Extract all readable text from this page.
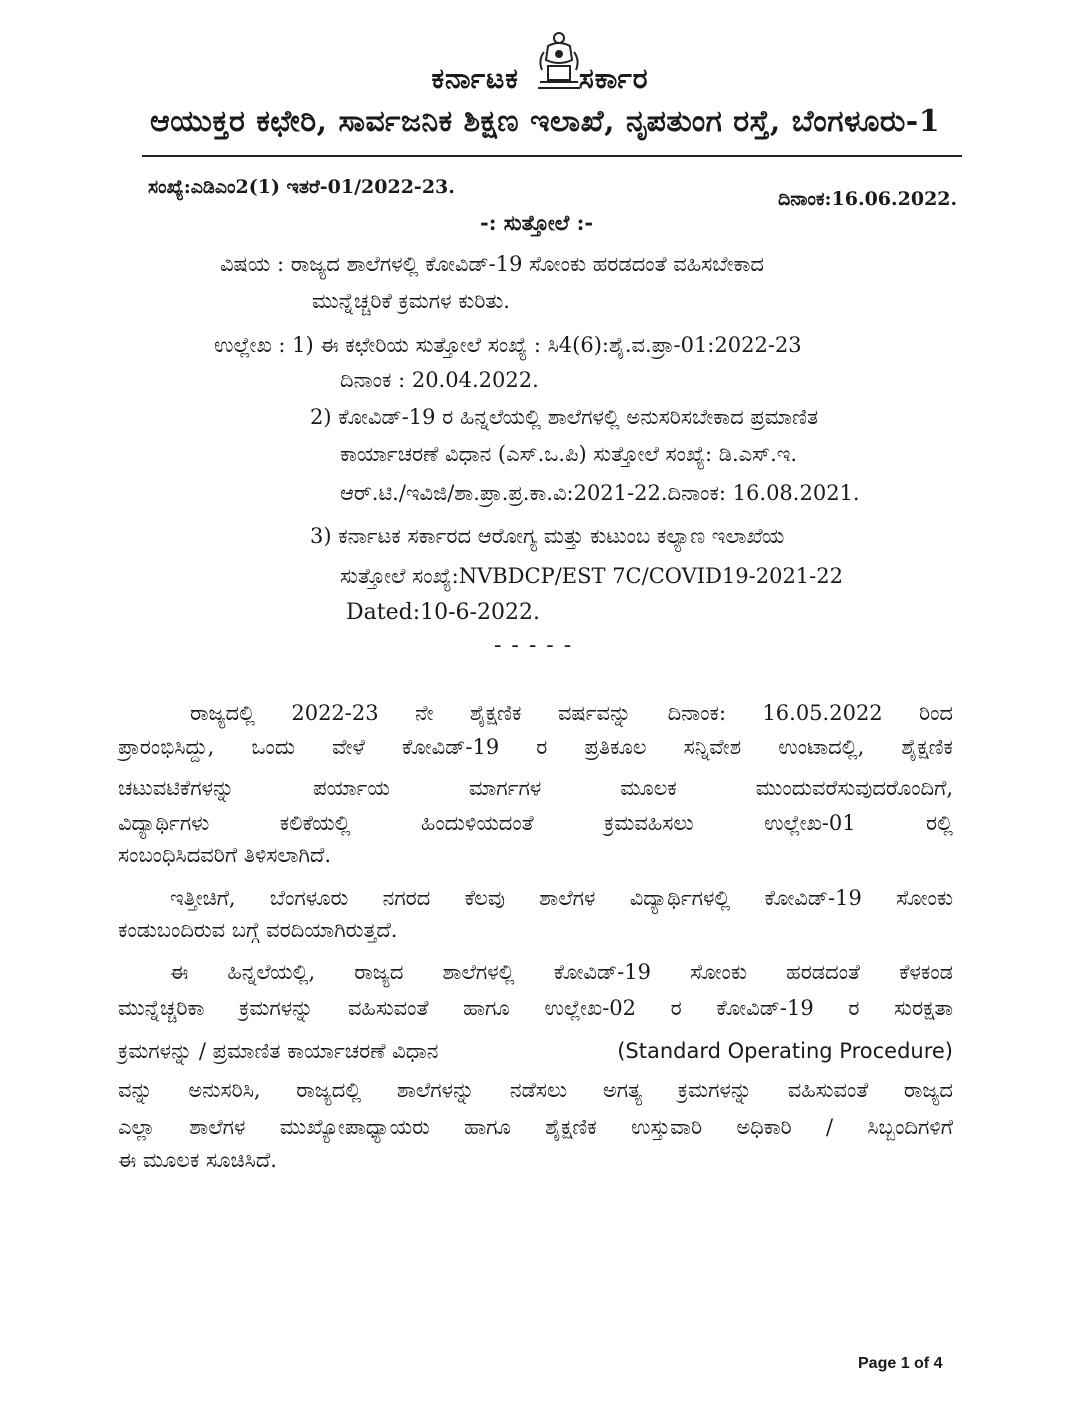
ಕರ್ನಾಟಕ ಸರ್ಕಾರ
ಆಯುಕ್ತರ ಕಛೇರಿ, ಸಾರ್ವಜನಿಕ ಶಿಕ್ಷಣ ಇಲಾಖೆ, ನೃಪತುಂಗ ರಸ್ತೆ, ಬೆಂಗಳೂರು-1
ಸಂಖ್ಯೆ:ಎಡಿಎಂ2(1) ಇತರೆ-01/2022-23.
ದಿನಾಂಕ:16.06.2022.
-: ಸುತ್ತೋಲೆ :-
ವಿಷಯ : ರಾಜ್ಯದ ಶಾಲೆಗಳಲ್ಲಿ ಕೋವಿಡ್-19 ಸೋಂಕು ಹರಡದಂತೆ ವಹಿಸಬೇಕಾದ
ಮುನ್ನೆಚ್ಚರಿಕೆ ಕ್ರಮಗಳ ಕುರಿತು.
ಉಲ್ಲೇಖ : 1) ಈ ಕಛೇರಿಯ ಸುತ್ತೋಲೆ ಸಂಖ್ಯೆ : ಸಿ4(6):ಶೈ.ವ.ಪ್ರಾ-01:2022-23
ದಿನಾಂಕ : 20.04.2022.
2) ಕೋವಿಡ್-19 ರ ಹಿನ್ನಲೆಯಲ್ಲಿ ಶಾಲೆಗಳಲ್ಲಿ ಅನುಸರಿಸಬೇಕಾದ ಪ್ರಮಾಣಿತ
ಕಾರ್ಯಾಚರಣೆ ವಿಧಾನ (ಎಸ್.ಒ.ಪಿ) ಸುತ್ತೋಲೆ ಸಂಖ್ಯೆ: ಡಿ.ಎಸ್.ಇ.
ಆರ್.ಟಿ./ಇವಿಜಿ/ಶಾ.ಪ್ರಾ.ಪ್ರ.ಕಾ.ವಿ:2021-22.ದಿನಾಂಕ: 16.08.2021.
3) ಕರ್ನಾಟಕ ಸರ್ಕಾರದ ಆರೋಗ್ಯ ಮತ್ತು ಕುಟುಂಬ ಕಲ್ಯಾಣ ಇಲಾಖೆಯ
ಸುತ್ತೋಲೆ ಸಂಖ್ಯೆ:NVBDCP/EST 7C/COVID19-2021-22
Dated:10-6-2022.
-----
ರಾಜ್ಯದಲ್ಲಿ 2022-23 ನೇ ಶೈಕ್ಷಣಿಕ ವರ್ಷವನ್ನು ದಿನಾಂಕ: 16.05.2022 ರಿಂದ
ಪ್ರಾರಂಭಿಸಿದ್ದು, ಒಂದು ವೇಳೆ ಕೋವಿಡ್-19 ರ ಪ್ರತಿಕೂಲ ಸನ್ನಿವೇಶ ಉಂಟಾದಲ್ಲಿ, ಶೈಕ್ಷಣಿಕ
ಚಟುವಟಿಕೆಗಳನ್ನು ಪರ್ಯಾಯ ಮಾರ್ಗಗಳ ಮೂಲಕ ಮುಂದುವರೆಸುವುದರೊಂದಿಗೆ,
ವಿದ್ಯಾರ್ಥಿಗಳು ಕಲಿಕೆಯಲ್ಲಿ ಹಿಂದುಳಿಯದಂತೆ ಕ್ರಮವಹಿಸಲು ಉಲ್ಲೇಖ-01 ರಲ್ಲಿ
ಸಂಬಂಧಿಸಿದವರಿಗೆ ತಿಳಿಸಲಾಗಿದೆ.
ಇತ್ತೀಚಿಗೆ, ಬೆಂಗಳೂರು ನಗರದ ಕೆಲವು ಶಾಲೆಗಳ ವಿದ್ಯಾರ್ಥಿಗಳಲ್ಲಿ ಕೋವಿಡ್-19 ಸೋಂಕು
ಕಂಡುಬಂದಿರುವ ಬಗ್ಗೆ ವರದಿಯಾಗಿರುತ್ತದೆ.
ಈ ಹಿನ್ನಲೆಯಲ್ಲಿ, ರಾಜ್ಯದ ಶಾಲೆಗಳಲ್ಲಿ ಕೋವಿಡ್-19 ಸೋಂಕು ಹರಡದಂತೆ ಕೆಳಕಂಡ
ಮುನ್ನೆಚ್ಚರಿಕಾ ಕ್ರಮಗಳನ್ನು ವಹಿಸುವಂತೆ ಹಾಗೂ ಉಲ್ಲೇಖ-02 ರ ಕೋವಿಡ್-19 ರ ಸುರಕ್ಷತಾ
ಕ್ರಮಗಳನ್ನು / ಪ್ರಮಾಣಿತ ಕಾರ್ಯಾಚರಣೆ ವಿಧಾನ	(Standard Operating Procedure)
ವನ್ನು ಅನುಸರಿಸಿ, ರಾಜ್ಯದಲ್ಲಿ ಶಾಲೆಗಳನ್ನು ನಡೆಸಲು ಅಗತ್ಯ ಕ್ರಮಗಳನ್ನು ವಹಿಸುವಂತೆ ರಾಜ್ಯದ
ಎಲ್ಲಾ ಶಾಲೆಗಳ ಮುಖ್ಯೋಪಾಧ್ಯಾಯರು ಹಾಗೂ ಶೈಕ್ಷಣಿಕ ಉಸ್ತುವಾರಿ ಅಧಿಕಾರಿ / ಸಿಬ್ಬಂದಿಗಳಿಗೆ
ಈ ಮೂಲಕ ಸೂಚಿಸಿದೆ.
Page 1 of 4
